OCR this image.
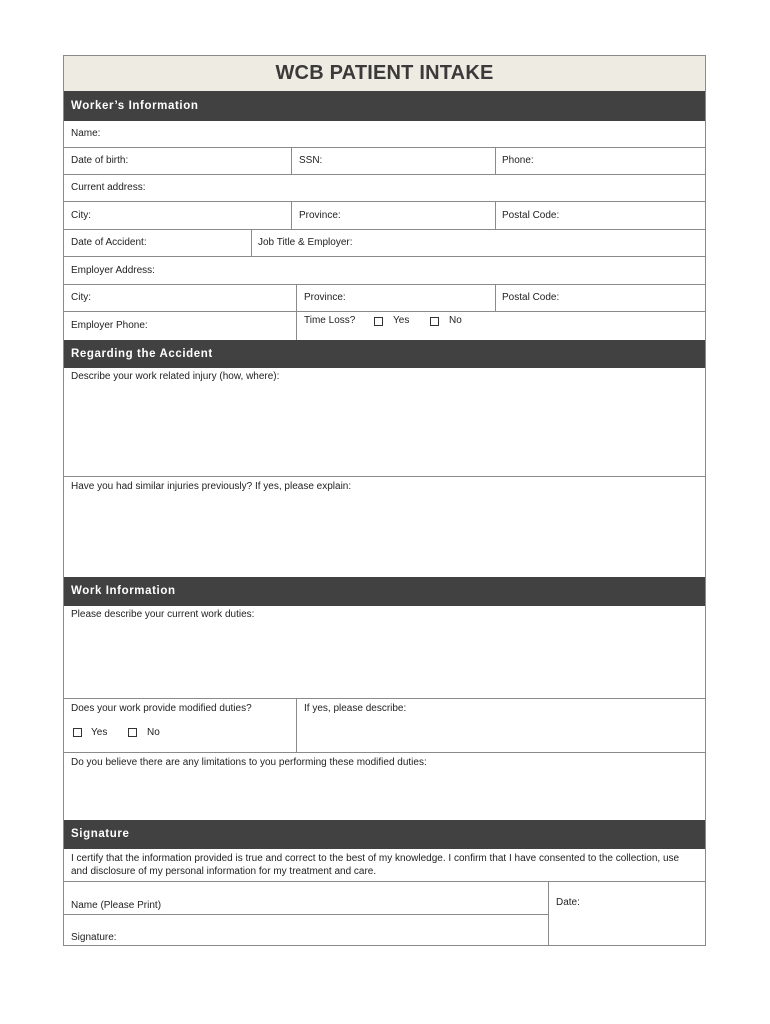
WCB PATIENT INTAKE
Worker’s Information
Name:
Date of birth:	SSN:	Phone:
Current address:
City:	Province:	Postal Code:
Date of Accident:	Job Title & Employer:
Employer Address:
City:	Province:	Postal Code:
Employer Phone:	Time Loss?	Yes	No
Regarding the Accident
Describe your work related injury (how, where):
Have you had similar injuries previously? If yes, please explain:
Work Information
Please describe your current work duties:
Does your work provide modified duties?
Yes	No
If yes, please describe:
Do you believe there are any limitations to you performing these modified duties:
Signature
I certify that the information provided is true and correct to the best of my knowledge. I confirm that I have consented to the collection, use and disclosure of my personal information for my treatment and care.
Name (Please Print)
Signature:
Date:
